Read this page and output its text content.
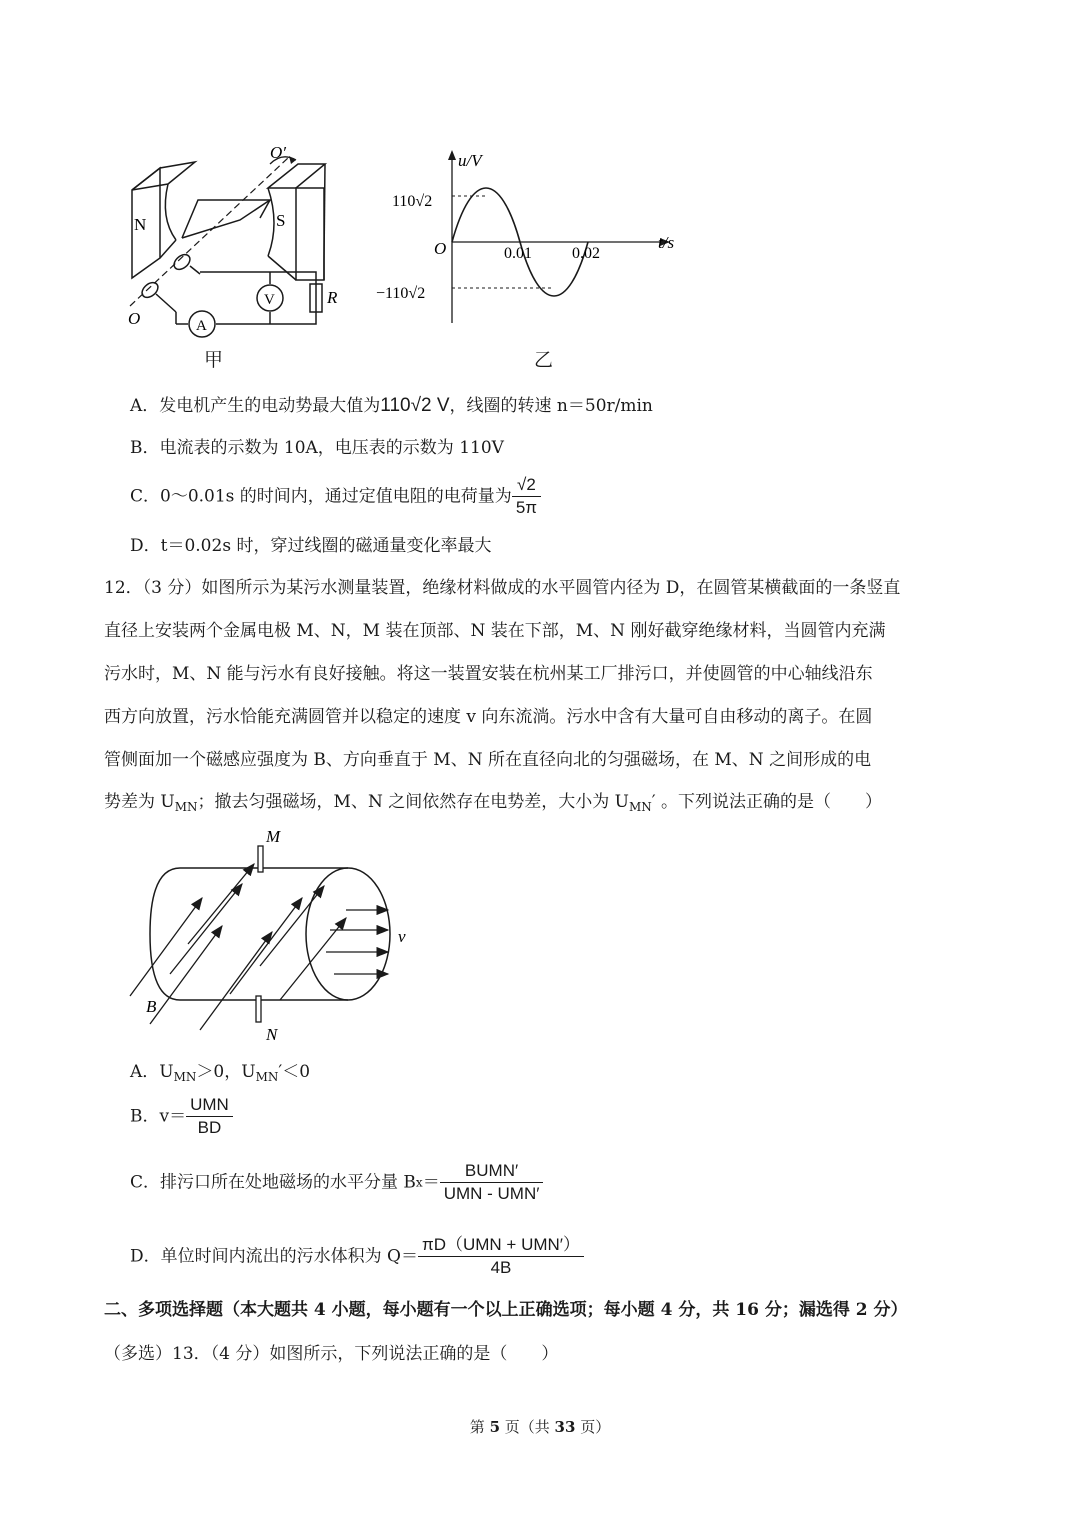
N	S
O′
O
V
A
R
甲
u/V
t/s
O
110√2
−110√2
0.01	0.02
乙
A．发电机产生的电动势最大值为110√2 V，线圈的转速 n＝50r/min
B．电流表的示数为 10A，电压表的示数为 110V
C．0～0.01s 的时间内，通过定值电阻的电荷量为 $\frac{√2}{5\pi}$
D．t＝0.02s 时，穿过线圈的磁通量变化率最大
12．（3 分）如图所示为某污水测量装置，绝缘材料做成的水平圆管内径为 D，在圆管某横截面的一条竖直
直径上安装两个金属电极 M、N，M 装在顶部、N 装在下部，M、N 刚好截穿绝缘材料，当圆管内充满
污水时，M、N 能与污水有良好接触。将这一装置安装在杭州某工厂排污口，并使圆管的中心轴线沿东
西方向放置，污水恰能充满圆管并以稳定的速度 v 向东流淌。污水中含有大量可自由移动的离子。在圆
管侧面加一个磁感应强度为 B、方向垂直于 M、N 所在直径向北的匀强磁场，在 M、N 之间形成的电
势差为 $U_{MN}$；撤去匀强磁场，M、N 之间依然存在电势差，大小为 $U_{MN}'$ 。下列说法正确的是（　　）
M
N
B
v
A．$U_{MN}>0$，$U_{MN}'<0$
B．$v= \frac{\text{UMN}}{BD}$
C．排污口所在处地磁场的水平分量 $Bx= \frac{\text{BUMN′}}{\text{UMN - UMN′}}$
D．单位时间内流出的污水体积为 $Q= \frac{\text{πD（UMN + UMN′）}}{4B}$
二、多项选择题（本大题共 4 小题，每小题有一个以上正确选项；每小题 4 分，共 16 分；漏选得 2 分）
（多选）13．（4 分）如图所示，下列说法正确的是（　　）
第 5 页（共 33 页）
